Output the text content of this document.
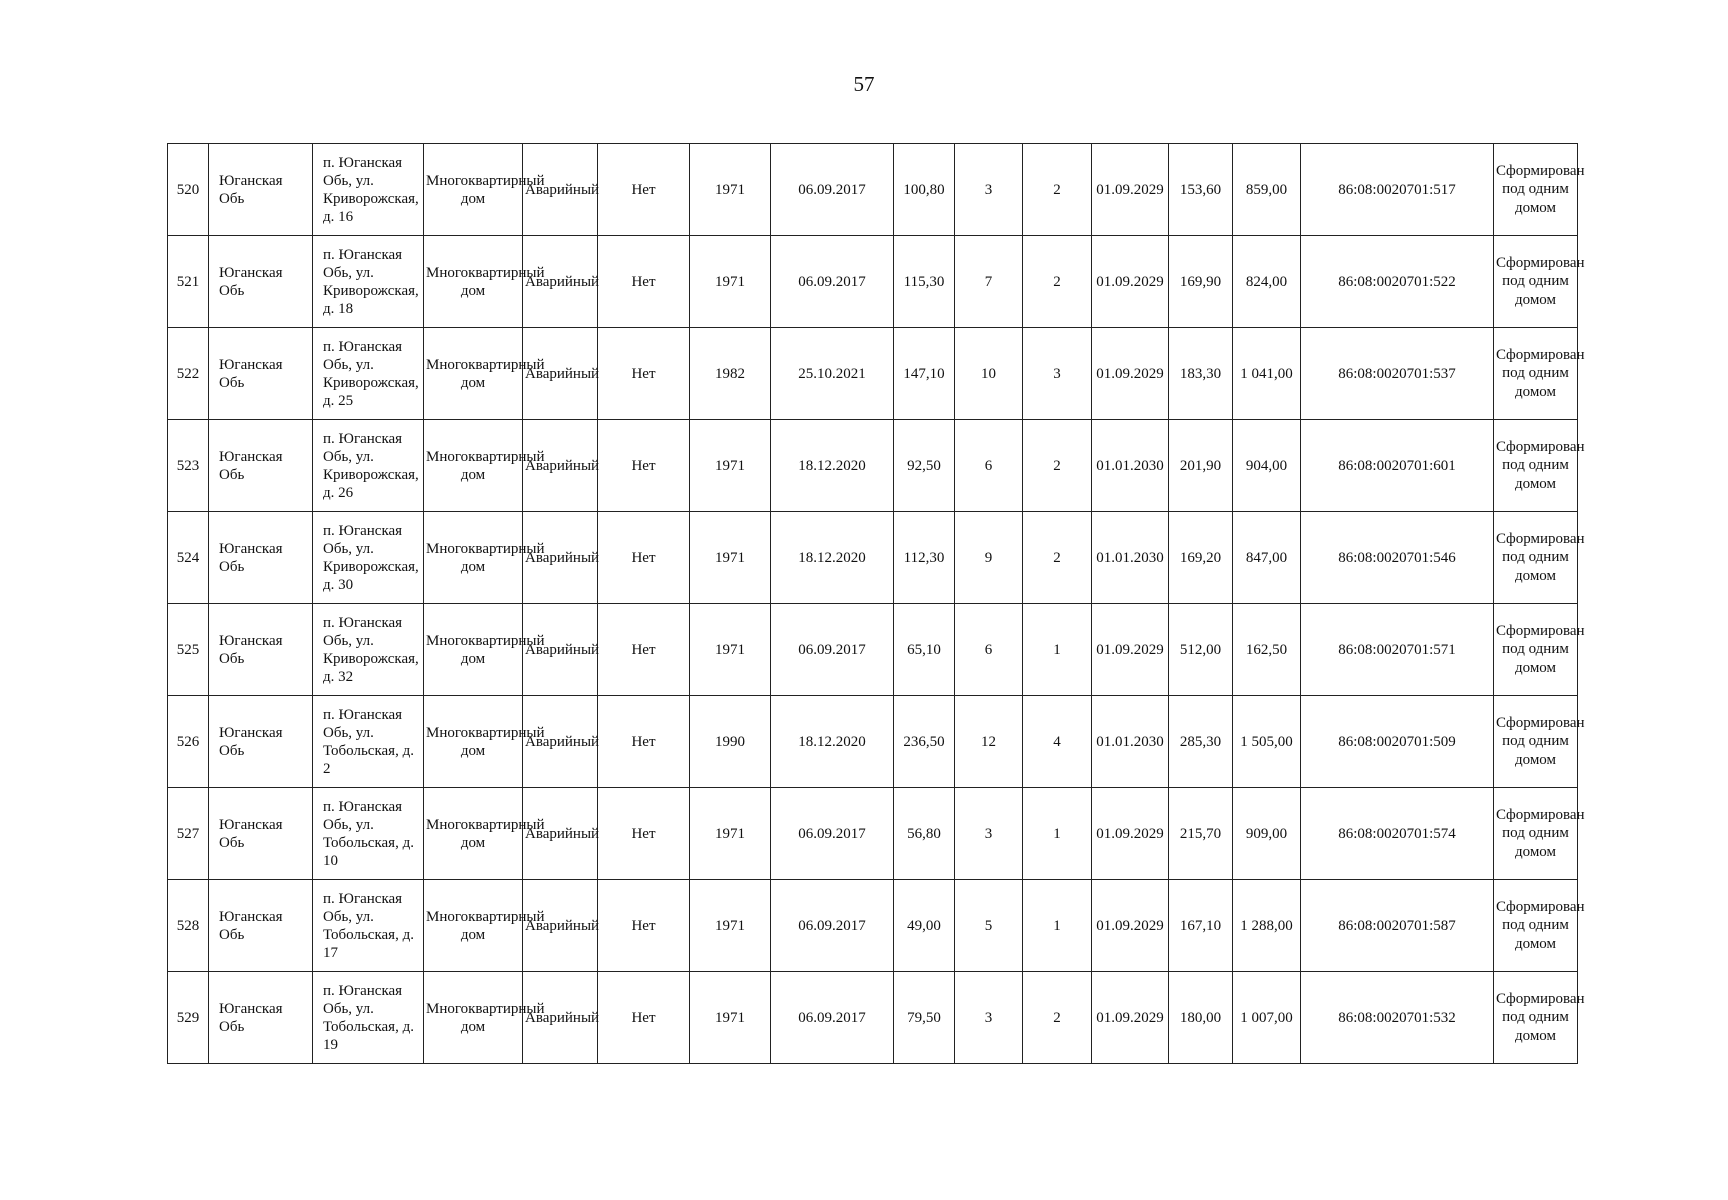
57
520	Юганская Обь	п. Юганская Обь, ул. Криворожская, д. 16	Многоквартирный дом	Аварийный	Нет	1971	06.09.2017	100,80	3	2	01.09.2029	153,60	859,00	86:08:0020701:517	Сформирован под одним домом
521	Юганская Обь	п. Юганская Обь, ул. Криворожская, д. 18	Многоквартирный дом	Аварийный	Нет	1971	06.09.2017	115,30	7	2	01.09.2029	169,90	824,00	86:08:0020701:522	Сформирован под одним домом
522	Юганская Обь	п. Юганская Обь, ул. Криворожская, д. 25	Многоквартирный дом	Аварийный	Нет	1982	25.10.2021	147,10	10	3	01.09.2029	183,30	1 041,00	86:08:0020701:537	Сформирован под одним домом
523	Юганская Обь	п. Юганская Обь, ул. Криворожская, д. 26	Многоквартирный дом	Аварийный	Нет	1971	18.12.2020	92,50	6	2	01.01.2030	201,90	904,00	86:08:0020701:601	Сформирован под одним домом
524	Юганская Обь	п. Юганская Обь, ул. Криворожская, д. 30	Многоквартирный дом	Аварийный	Нет	1971	18.12.2020	112,30	9	2	01.01.2030	169,20	847,00	86:08:0020701:546	Сформирован под одним домом
525	Юганская Обь	п. Юганская Обь, ул. Криворожская, д. 32	Многоквартирный дом	Аварийный	Нет	1971	06.09.2017	65,10	6	1	01.09.2029	512,00	162,50	86:08:0020701:571	Сформирован под одним домом
526	Юганская Обь	п. Юганская Обь, ул. Тобольская, д. 2	Многоквартирный дом	Аварийный	Нет	1990	18.12.2020	236,50	12	4	01.01.2030	285,30	1 505,00	86:08:0020701:509	Сформирован под одним домом
527	Юганская Обь	п. Юганская Обь, ул. Тобольская, д. 10	Многоквартирный дом	Аварийный	Нет	1971	06.09.2017	56,80	3	1	01.09.2029	215,70	909,00	86:08:0020701:574	Сформирован под одним домом
528	Юганская Обь	п. Юганская Обь, ул. Тобольская, д. 17	Многоквартирный дом	Аварийный	Нет	1971	06.09.2017	49,00	5	1	01.09.2029	167,10	1 288,00	86:08:0020701:587	Сформирован под одним домом
529	Юганская Обь	п. Юганская Обь, ул. Тобольская, д. 19	Многоквартирный дом	Аварийный	Нет	1971	06.09.2017	79,50	3	2	01.09.2029	180,00	1 007,00	86:08:0020701:532	Сформирован под одним домом
